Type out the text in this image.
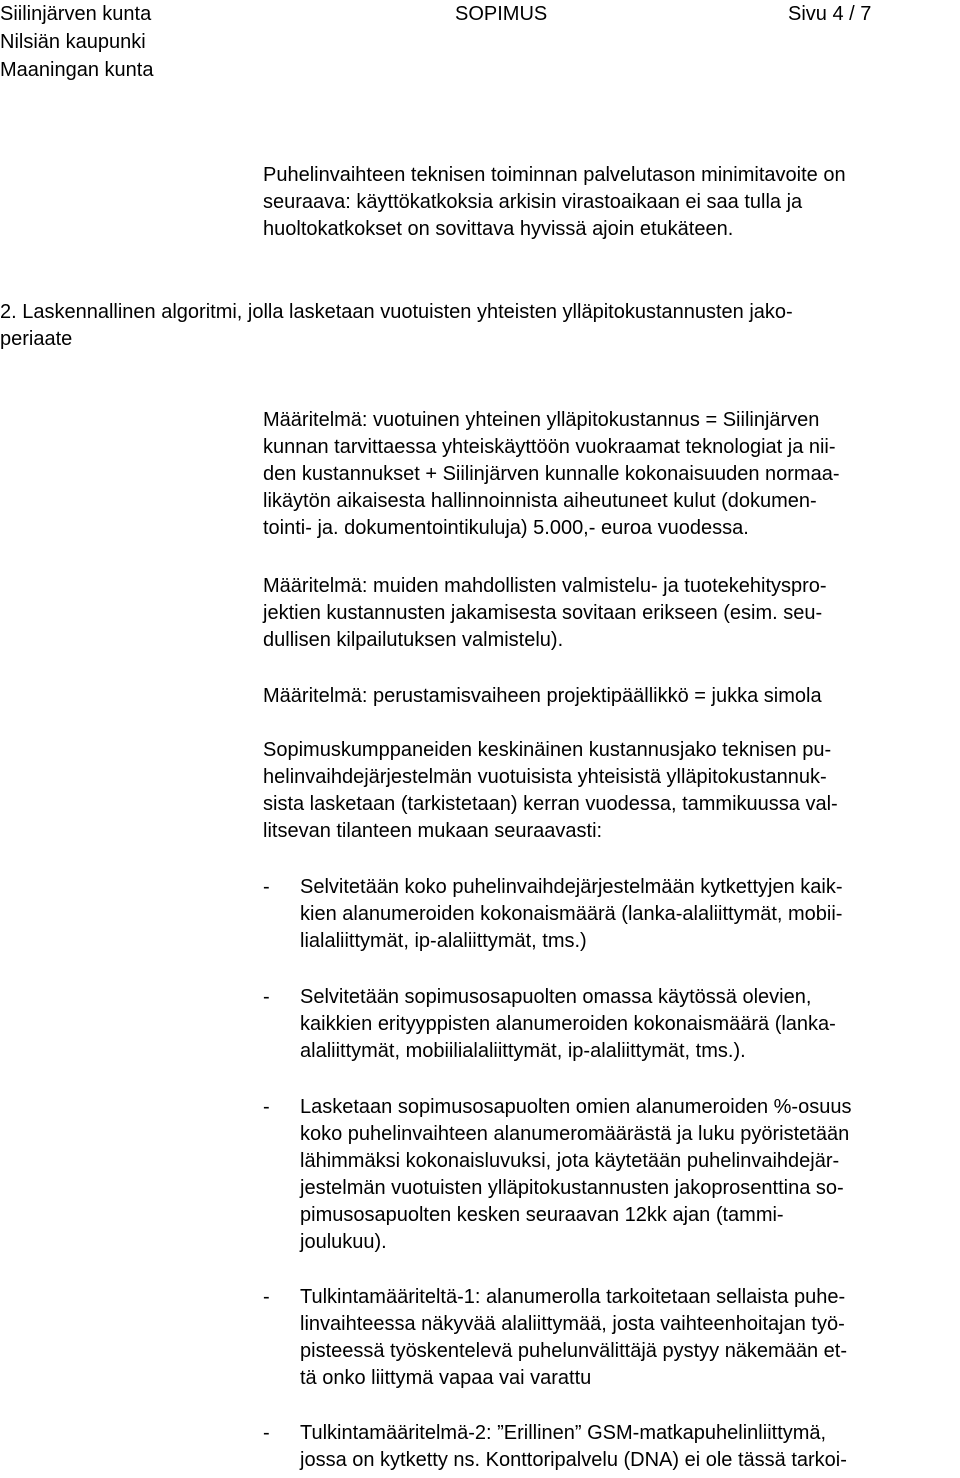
Siilinjärven kunta
Nilsiän kaupunki
Maaningan kunta
SOPIMUS	Sivu 4 / 7

Puhelinvaihteen teknisen toiminnan palvelutason minimitavoite on
seuraava: käyttökatkoksia arkisin virastoaikaan ei saa tulla ja
huoltokatkokset on sovittava hyvissä ajoin etukäteen.

2. Laskennallinen algoritmi, jolla lasketaan vuotuisten yhteisten ylläpitokustannusten jako-
periaate

Määritelmä: vuotuinen yhteinen ylläpitokustannus = Siilinjärven
kunnan tarvittaessa yhteiskäyttöön vuokraamat teknologiat ja nii-
den kustannukset + Siilinjärven kunnalle kokonaisuuden normaa-
likäytön aikaisesta hallinnoinnista aiheutuneet kulut (dokumen-
tointi- ja. dokumentointikuluja) 5.000,- euroa vuodessa.

Määritelmä: muiden mahdollisten valmistelu- ja tuotekehityspro-
jektien kustannusten jakamisesta sovitaan erikseen (esim. seu-
dullisen kilpailutuksen valmistelu).

Määritelmä: perustamisvaiheen projektipäällikkö = jukka simola

Sopimuskumppaneiden keskinäinen kustannusjako teknisen pu-
helinvaihdejärjestelmän vuotuisista yhteisistä ylläpitokustannuk-
sista lasketaan (tarkistetaan) kerran vuodessa, tammikuussa val-
litsevan tilanteen mukaan seuraavasti:

- Selvitetään koko puhelinvaihdejärjestelmään kytkettyjen kaik-
kien alanumeroiden kokonaismäärä (lanka-alaliittymät, mobii-
lialaliittymät, ip-alaliittymät, tms.)
- Selvitetään sopimusosapuolten omassa käytössä olevien,
kaikkien erityyppisten alanumeroiden kokonaismäärä (lanka-
alaliittymät, mobiilialaliittymät, ip-alaliittymät, tms.).
- Lasketaan sopimusosapuolten omien alanumeroiden %-osuus
koko puhelinvaihteen alanumeromäärästä ja luku pyöristetään
lähimmäksi kokonaisluvuksi, jota käytetään puhelinvaihdejär-
jestelmän vuotuisten ylläpitokustannusten jakoprosenttina so-
pimusosapuolten kesken seuraavan 12kk ajan (tammi-
joulukuu).
- Tulkintamääriteltä-1: alanumerolla tarkoitetaan sellaista puhe-
linvaihteessa näkyvää alaliittymää, josta vaihteenhoitajan työ-
pisteessä työskentelevä puhelunvälittäjä pystyy näkemään et-
tä onko liittymä vapaa vai varattu
- Tulkintamääritelmä-2: ”Erillinen” GSM-matkapuhelinliittymä,
jossa on kytketty ns. Konttoripalvelu (DNA) ei ole tässä tarkoi-
